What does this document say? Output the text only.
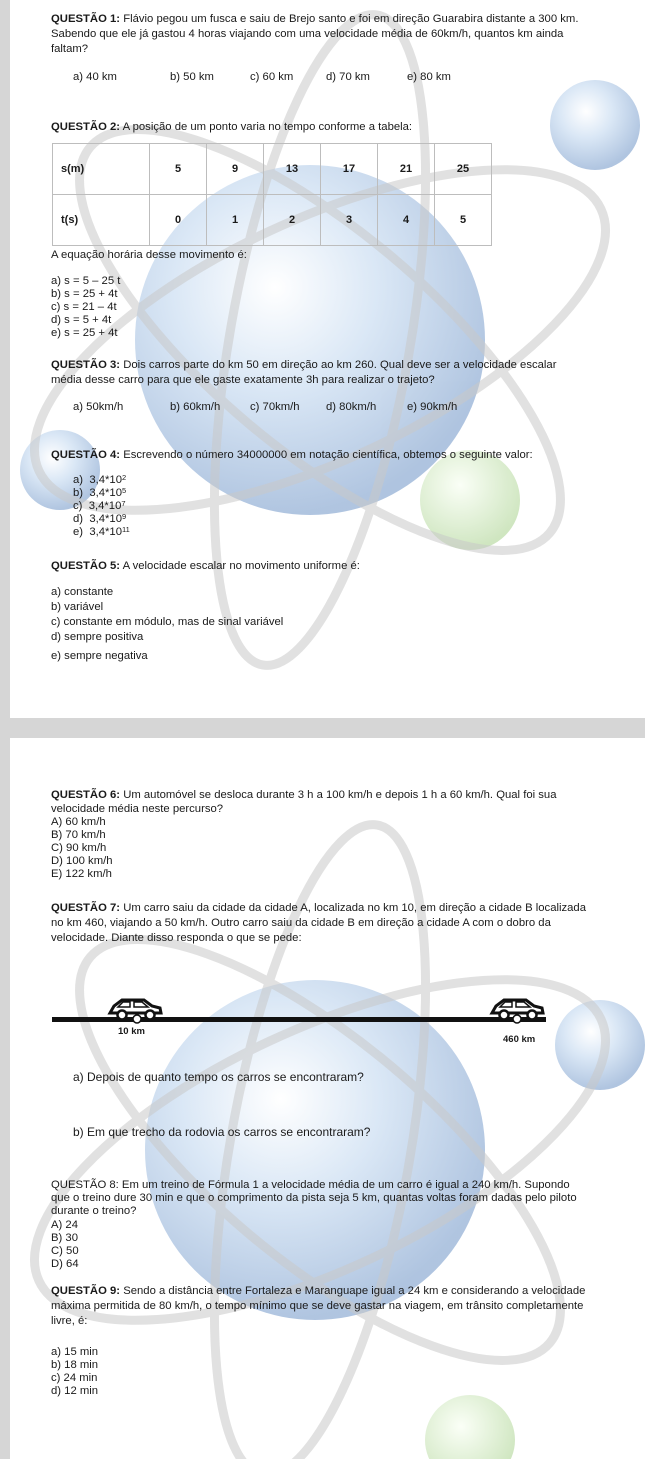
QUESTÃO 1: Flávio pegou um fusca e saiu de Brejo santo e foi em direção Guarabira distante a 300 km.
Sabendo que ele já gastou 4 horas viajando com uma velocidade média de 60km/h, quantos km ainda
faltam?
a) 40 km	b) 50 km	c) 60 km	d) 70 km	e) 80 km
QUESTÃO 2: A posição de um ponto varia no tempo conforme a tabela:
s(m)	5	9	13	17	21	25
t(s)	0	1	2	3	4	5
A equação horária desse movimento é:
a) s = 5 – 25 t
b) s = 25 + 4t
c) s = 21 – 4t
d) s = 5 + 4t
e) s = 25 + 4t
QUESTÃO 3: Dois carros parte do km 50 em direção ao km 260. Qual deve ser a velocidade escalar
média desse carro para que ele gaste exatamente 3h para realizar o trajeto?
a) 50km/h	b) 60km/h	c) 70km/h d) 80km/h	e) 90km/h
QUESTÃO 4: Escrevendo o número 34000000 em notação científica, obtemos o seguinte valor:
a) $3,4*10^2$
b) $3,4*10^5$
c) $3,4*10^7$
d) $3,4*10^9$
e) $3,4*10^{11}$
QUESTÃO 5: A velocidade escalar no movimento uniforme é:
a) constante
b) variável
c) constante em módulo, mas de sinal variável
d) sempre positiva
e) sempre negativa
QUESTÃO 6: Um automóvel se desloca durante 3 h a 100 km/h e depois 1 h a 60 km/h. Qual foi sua
velocidade média neste percurso?
A) 60 km/h
B) 70 km/h
C) 90 km/h
D) 100 km/h
E) 122 km/h
QUESTÃO 7: Um carro saiu da cidade da cidade A, localizada no km 10, em direção a cidade B localizada
no km 460, viajando a 50 km/h. Outro carro saiu da cidade B em direção a cidade A com o dobro da
velocidade. Diante disso responda o que se pede:
10 km
460 km
a) Depois de quanto tempo os carros se encontraram?
b) Em que trecho da rodovia os carros se encontraram?
QUESTÃO 8: Em um treino de Fórmula 1 a velocidade média de um carro é igual a 240 km/h. Supondo
que o treino dure 30 min e que o comprimento da pista seja 5 km, quantas voltas foram dadas pelo piloto
durante o treino?
A) 24
B) 30
C) 50
D) 64
QUESTÃO 9: Sendo a distância entre Fortaleza e Maranguape igual a 24 km e considerando a velocidade
máxima permitida de 80 km/h, o tempo mínimo que se deve gastar na viagem, em trânsito completamente
livre, é:
a) 15 min
b) 18 min
c) 24 min
d) 12 min
